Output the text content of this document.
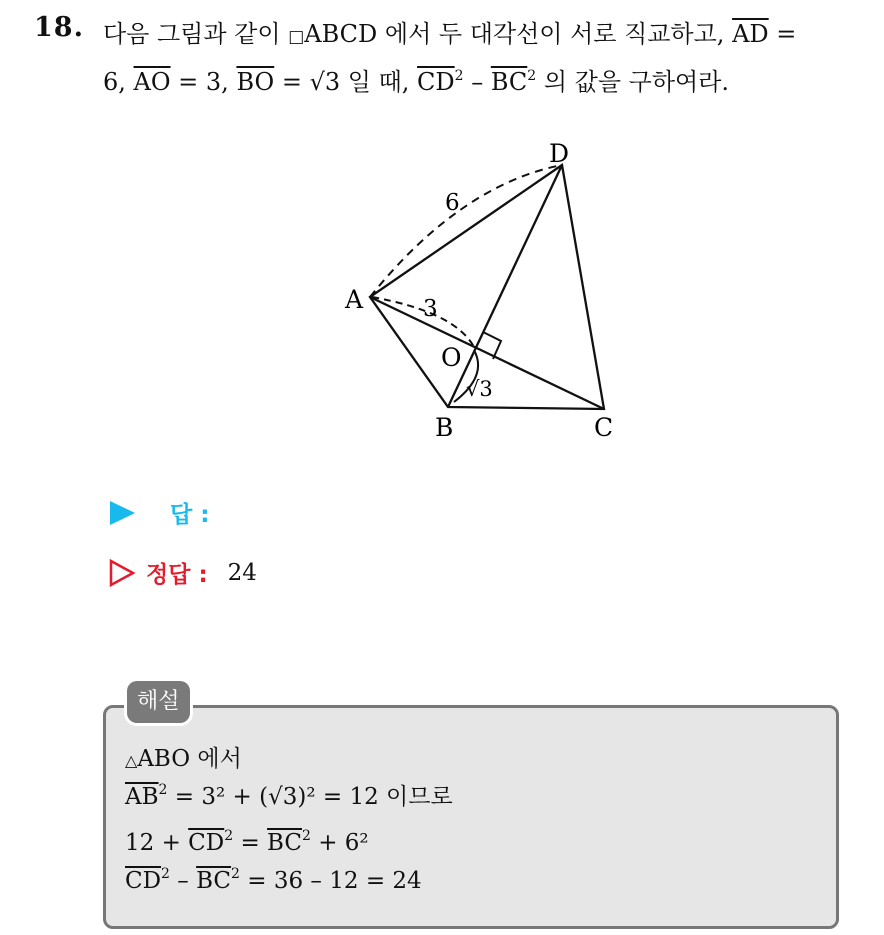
18. 다음 그림과 같이 □ABCD 에서 두 대각선이 서로 직교하고, $\overline{AD}$ =
6, $\overline{AO} = 3$, $\overline{BO} = √3$ 일 때, $\overline{CD}^2 - \overline{BC}^2$ 의 값을 구하여라.
D
A
O
B	C
6
3
√3
답 :
정답 : 24
해설
△ABO 에서
$\overline{AB}^2 = 3^2 + (√3)^2 = 12$ 이므로
$12 + \overline{CD}^2 = \overline{BC}^2 + 6^2$
$\overline{CD}^2 - \overline{BC}^2 = 36 - 12 = 24$
